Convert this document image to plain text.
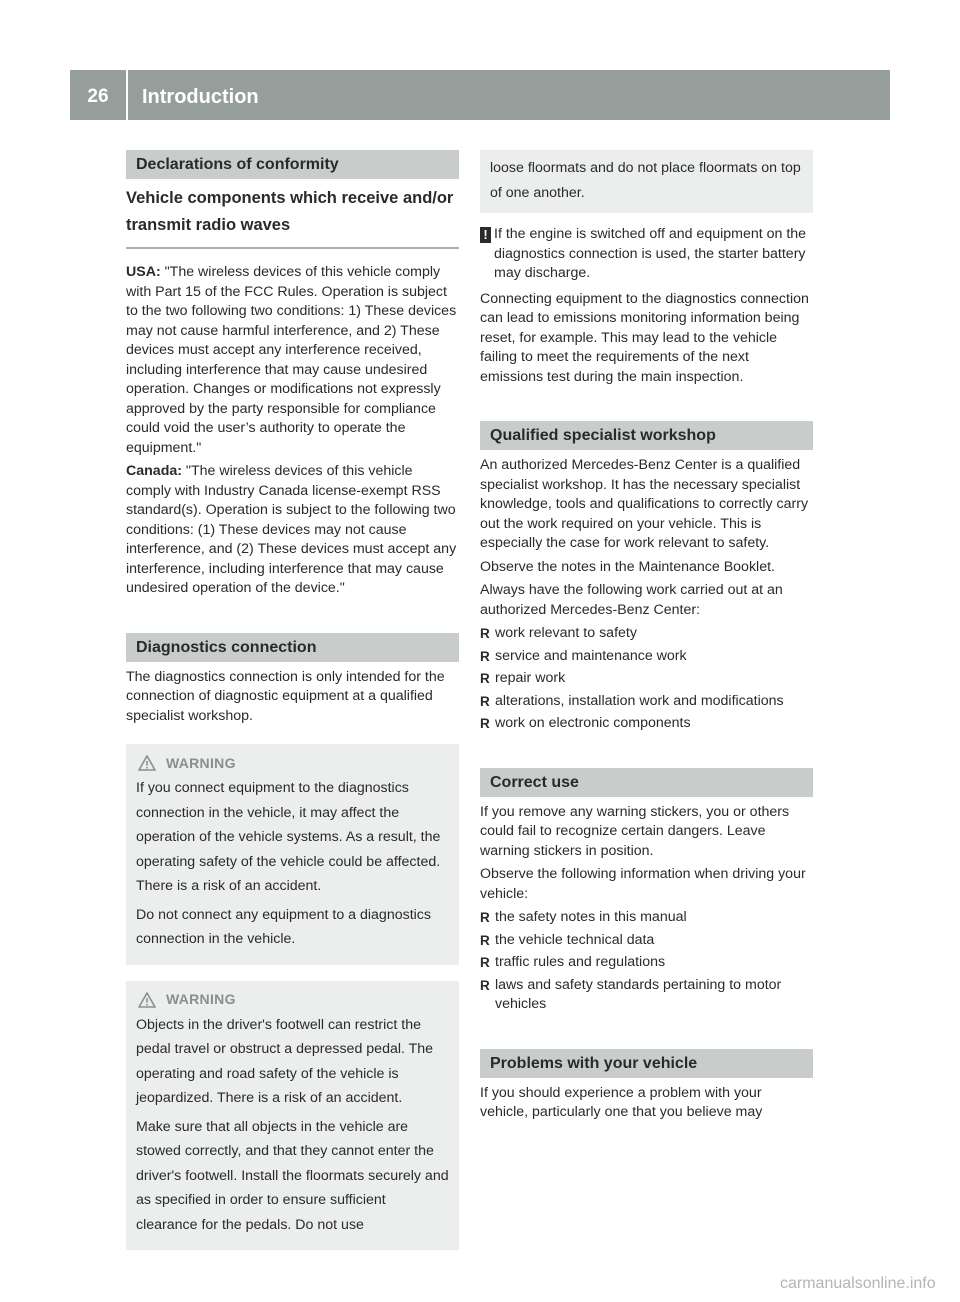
26	Introduction
Declarations of conformity
Vehicle components which receive and/or transmit radio waves

USA: "The wireless devices of this vehicle comply with Part 15 of the FCC Rules. Operation is subject to the two following two conditions: 1) These devices may not cause harmful interference, and 2) These devices must accept any interference received, including interference that may cause undesired operation. Changes or modifications not expressly approved by the party responsible for compliance could void the user’s authority to operate the equipment."

Canada: "The wireless devices of this vehicle comply with Industry Canada license-exempt RSS standard(s). Operation is subject to the following two conditions: (1) These devices may not cause interference, and (2) These devices must accept any interference, including interference that may cause undesired operation of the device."

Diagnostics connection

The diagnostics connection is only intended for the connection of diagnostic equipment at a qualified specialist workshop.

WARNING

If you connect equipment to the diagnostics connection in the vehicle, it may affect the operation of the vehicle systems. As a result, the operating safety of the vehicle could be affected. There is a risk of an accident.

Do not connect any equipment to a diagnostics connection in the vehicle.

WARNING

Objects in the driver's footwell can restrict the pedal travel or obstruct a depressed pedal. The operating and road safety of the vehicle is jeopardized. There is a risk of an accident.

Make sure that all objects in the vehicle are stowed correctly, and that they cannot enter the driver's footwell. Install the floormats securely and as specified in order to ensure sufficient clearance for the pedals. Do not use

loose floormats and do not place floormats on top of one another.
! If the engine is switched off and equipment on the diagnostics connection is used, the starter battery may discharge.

Connecting equipment to the diagnostics connection can lead to emissions monitoring information being reset, for example. This may lead to the vehicle failing to meet the requirements of the next emissions test during the main inspection.

Qualified specialist workshop

An authorized Mercedes-Benz Center is a qualified specialist workshop. It has the necessary specialist knowledge, tools and qualifications to correctly carry out the work required on your vehicle. This is especially the case for work relevant to safety.

Observe the notes in the Maintenance Booklet.

Always have the following work carried out at an authorized Mercedes-Benz Center:

R work relevant to safety
R service and maintenance work
R repair work
R alterations, installation work and modifications
R work on electronic components
Correct use

If you remove any warning stickers, you or others could fail to recognize certain dangers. Leave warning stickers in position.

Observe the following information when driving your vehicle:

R the safety notes in this manual
R the vehicle technical data
R traffic rules and regulations
R laws and safety standards pertaining to motor vehicles
Problems with your vehicle

If you should experience a problem with your vehicle, particularly one that you believe may

carmanualsonline.info
